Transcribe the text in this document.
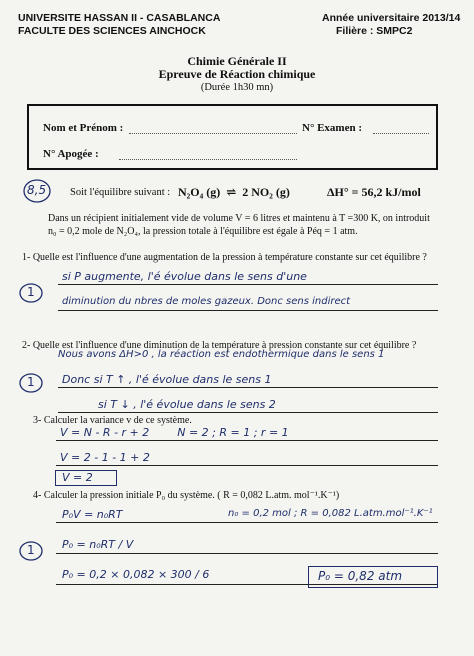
UNIVERSITE HASSAN II - CASABLANCA
FACULTE DES SCIENCES AINCHOCK
Année universitaire 2013/14
Filière : SMPC2
Chimie Générale II
Epreuve de Réaction chimique
(Durée 1h30 mn)
Nom et Prénom :	N° Examen :
N° Apogée :
8,5 Soit l'équilibre suivant : N₂O₄ (g)  ⇌  2 NO₂ (g)	ΔH° = 56,2 kJ/mol
Dans un récipient initialement vide de volume V = 6 litres et maintenu à T =300 K, on introduit
n₀ = 0,2 mole de N₂O₄, la pression totale à l'équilibre est égale à Péq = 1 atm.
1- Quelle est l'influence d'une augmentation de la pression à température constante sur cet équilibre ?
si P augmente, l'é évolue dans le sens d'une
diminution du nbres de moles gazeux. Donc sens indirect
1
2- Quelle est l'influence d'une diminution de la température à pression constante sur cet équilibre ?
Nous avons ΔH>0 , la réaction est endothermique dans le sens 1
Donc si T ↑ , l'é évolue dans le sens 1
si T ↓ , l'é évolue dans le sens 2
1
3- Calculer la variance v de ce système.
V = N - R - r + 2        N = 2 ; R = 1 ; r = 1
V = 2 - 1 - 1 + 2
V = 2
4- Calculer la pression initiale P₀ du système. ( R = 0,082 L.atm. mol⁻¹.K⁻¹)
P₀V = n₀RT	n₀ = 0,2 mol ; R = 0,082 L.atm.mol⁻¹.K⁻¹
P₀ = n₀RT / V
P₀ = 0,2 × 0,082 × 300 / 6	P₀ = 0,82 atm
1
